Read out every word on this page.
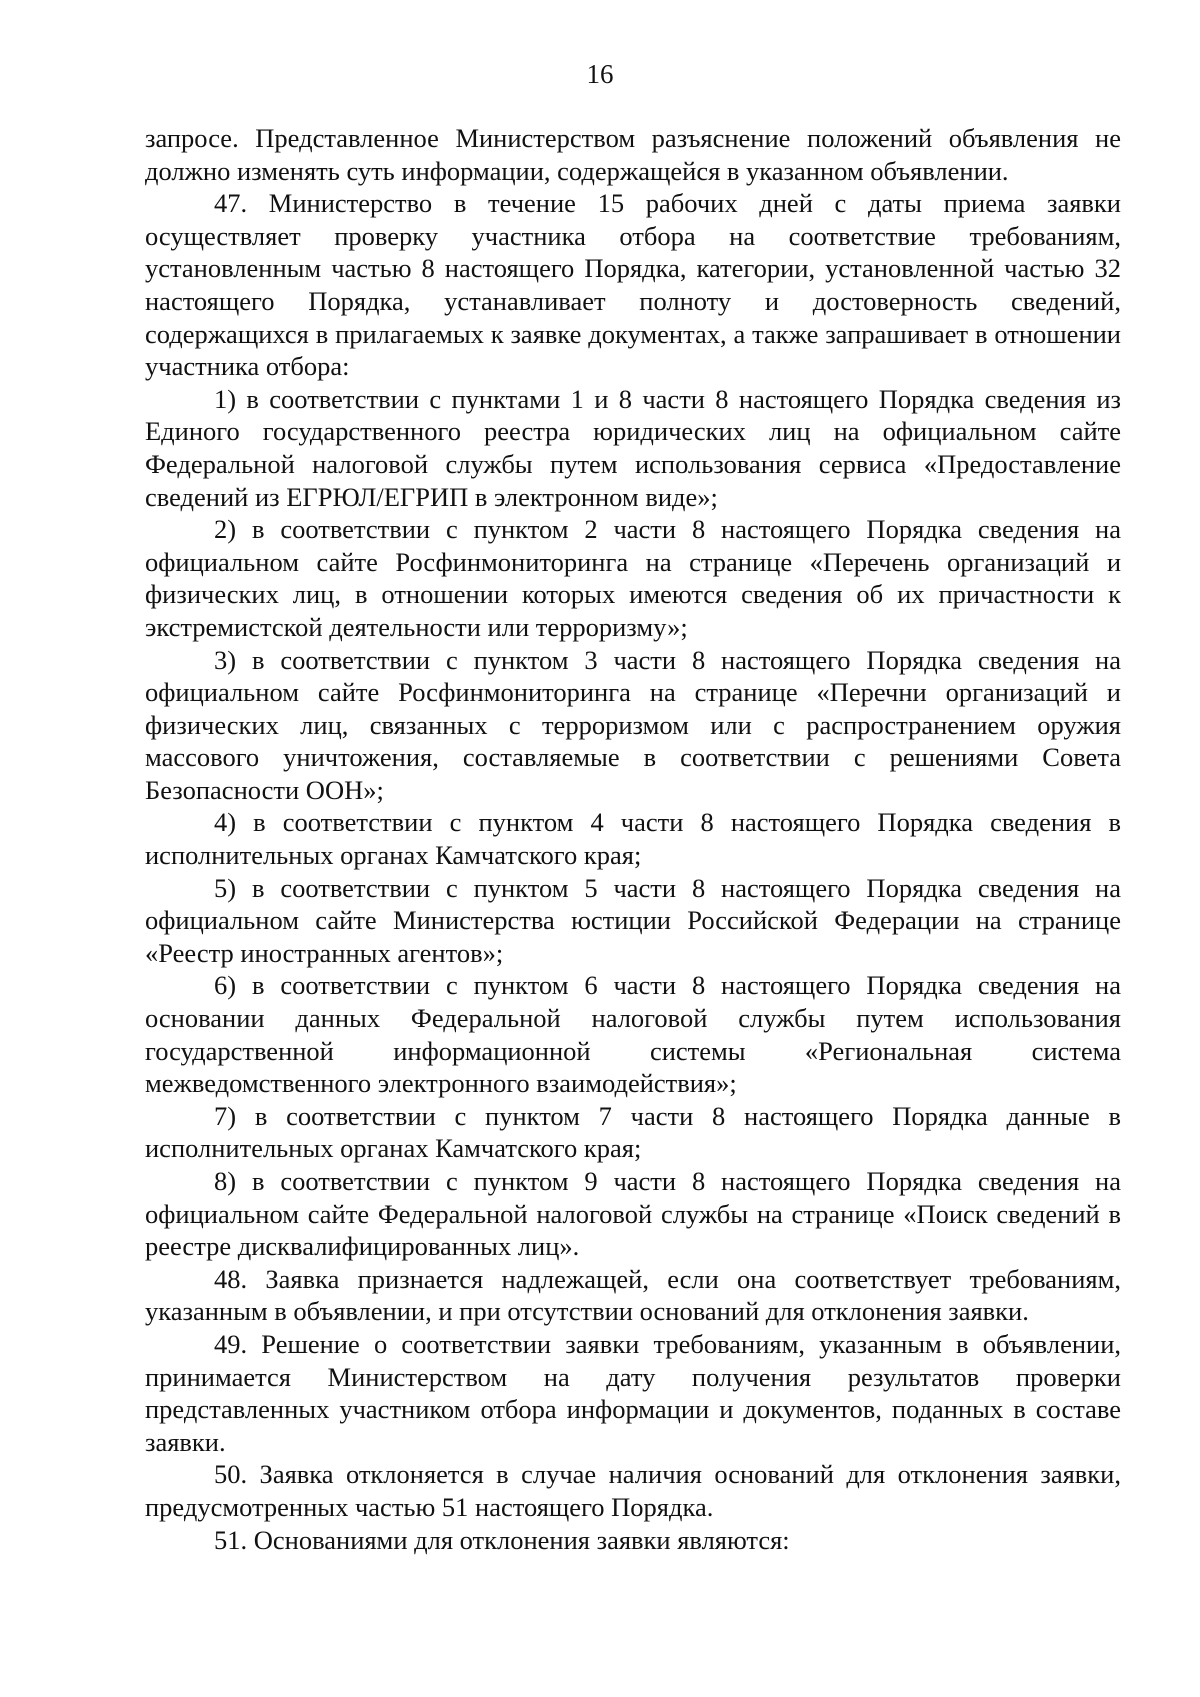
16

запросе. Представленное Министерством разъяснение положений объявления не должно изменять суть информации, содержащейся в указанном объявлении.

47. Министерство в течение 15 рабочих дней с даты приема заявки осуществляет проверку участника отбора на соответствие требованиям, установленным частью 8 настоящего Порядка, категории, установленной частью 32 настоящего Порядка, устанавливает полноту и достоверность сведений, содержащихся в прилагаемых к заявке документах, а также запрашивает в отношении участника отбора:

1) в соответствии с пунктами 1 и 8 части 8 настоящего Порядка сведения из Единого государственного реестра юридических лиц на официальном сайте Федеральной налоговой службы путем использования сервиса «Предоставление сведений из ЕГРЮЛ/ЕГРИП в электронном виде»;

2) в соответствии с пунктом 2 части 8 настоящего Порядка сведения на официальном сайте Росфинмониторинга на странице «Перечень организаций и физических лиц, в отношении которых имеются сведения об их причастности к экстремистской деятельности или терроризму»;

3) в соответствии с пунктом 3 части 8 настоящего Порядка сведения на официальном сайте Росфинмониторинга на странице «Перечни организаций и физических лиц, связанных с терроризмом или с распространением оружия массового уничтожения, составляемые в соответствии с решениями Совета Безопасности ООН»;

4) в соответствии с пунктом 4 части 8 настоящего Порядка сведения в исполнительных органах Камчатского края;

5) в соответствии с пунктом 5 части 8 настоящего Порядка сведения на официальном сайте Министерства юстиции Российской Федерации на странице «Реестр иностранных агентов»;

6) в соответствии с пунктом 6 части 8 настоящего Порядка сведения на основании данных Федеральной налоговой службы путем использования государственной информационной системы «Региональная система межведомственного электронного взаимодействия»;

7) в соответствии с пунктом 7 части 8 настоящего Порядка данные в исполнительных органах Камчатского края;

8) в соответствии с пунктом 9 части 8 настоящего Порядка сведения на официальном сайте Федеральной налоговой службы на странице «Поиск сведений в реестре дисквалифицированных лиц».

48. Заявка признается надлежащей, если она соответствует требованиям, указанным в объявлении, и при отсутствии оснований для отклонения заявки.

49. Решение о соответствии заявки требованиям, указанным в объявлении, принимается Министерством на дату получения результатов проверки представленных участником отбора информации и документов, поданных в составе заявки.

50. Заявка отклоняется в случае наличия оснований для отклонения заявки, предусмотренных частью 51 настоящего Порядка.

51. Основаниями для отклонения заявки являются:
